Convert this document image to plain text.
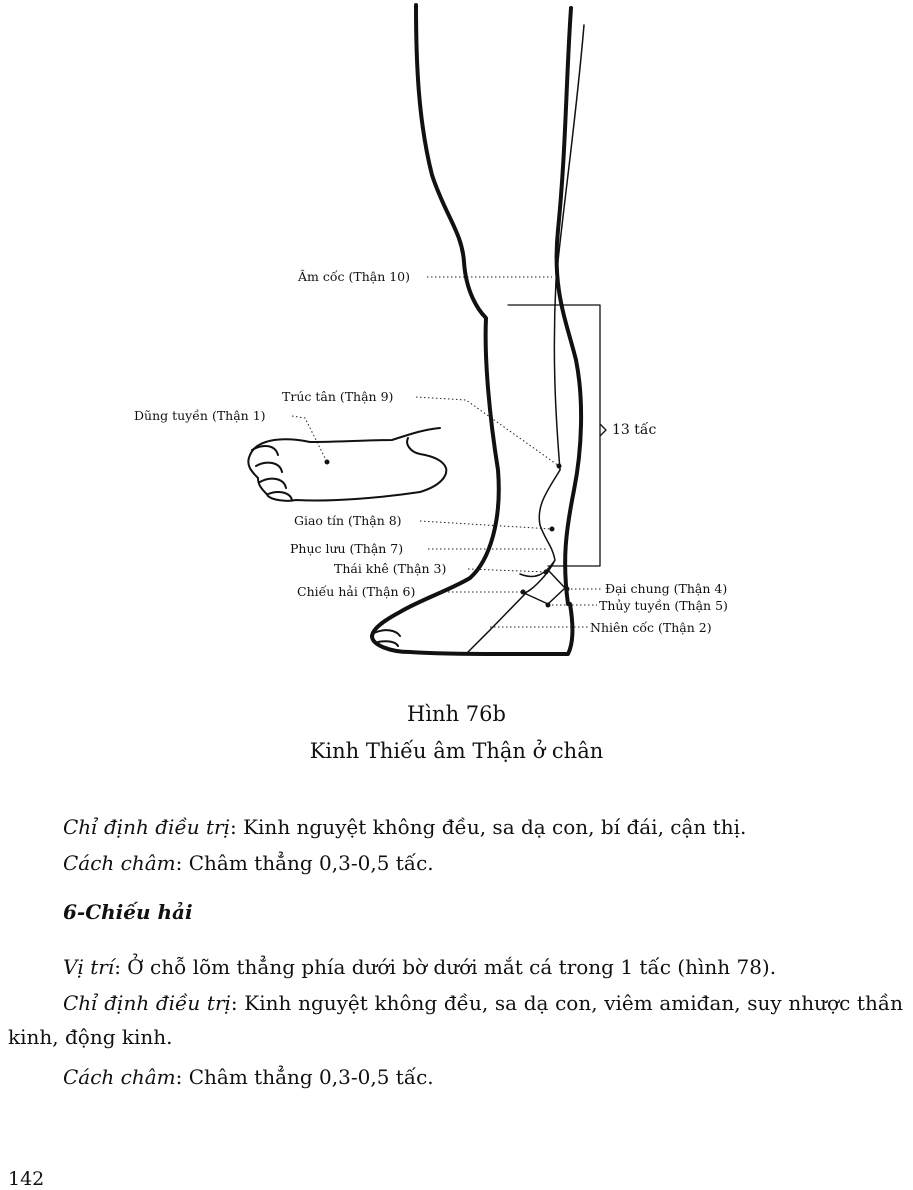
13 tấc
Âm cốc (Thận 10)
Trúc tân (Thận 9)
Dũng tuyền (Thận 1)
Giao tín (Thận 8)
Phục lưu (Thận 7)
Thái khê (Thận 3)
Chiếu hải (Thận 6)	Đại chung (Thận 4)
Thủy tuyền (Thận 5)
Nhiên cốc (Thận 2)
Hình 76b
Kinh Thiếu âm Thận ở chân
Chỉ định điều trị: Kinh nguyệt không đều, sa dạ con, bí đái, cận thị.
Cách châm: Châm thẳng 0,3-0,5 tấc.
6-Chiếu hải
Vị trí: Ở chỗ lõm thẳng phía dưới bờ dưới mắt cá trong 1 tấc (hình 78).
Chỉ định điều trị: Kinh nguyệt không đều, sa dạ con, viêm amiđan, suy nhược thần kinh, động kinh.
Cách châm: Châm thẳng 0,3-0,5 tấc.
142
